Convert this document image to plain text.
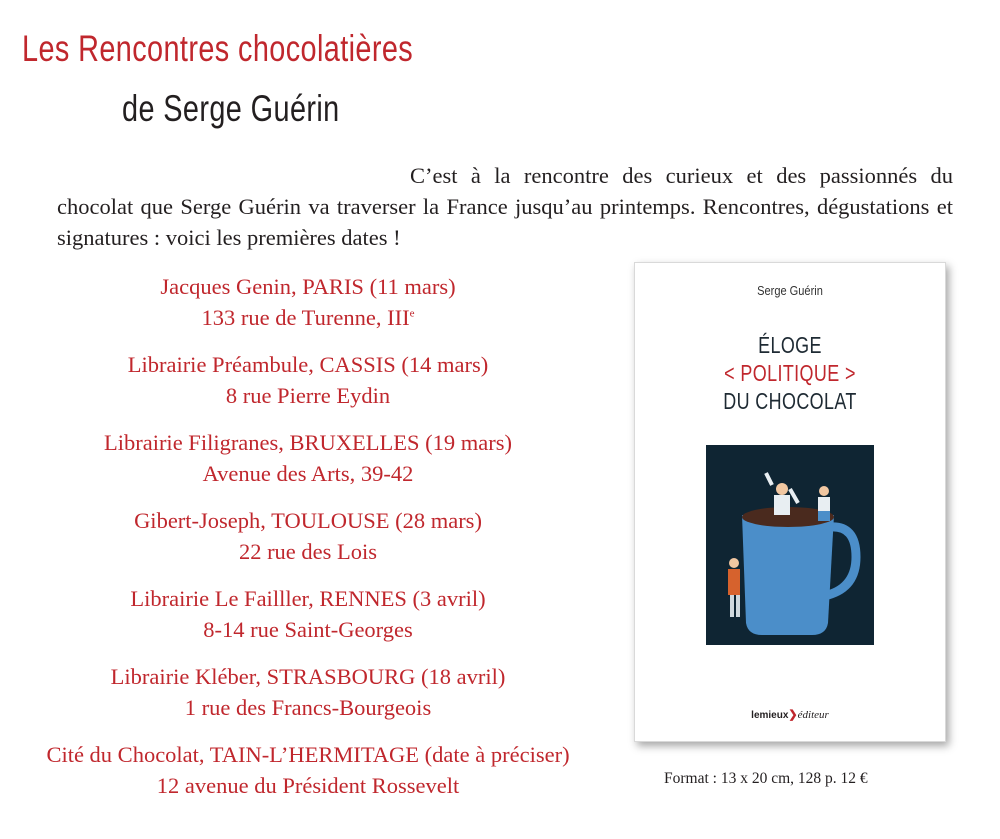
Les Rencontres chocolatières
de Serge Guérin
C’est à la rencontre des curieux et des passionnés du chocolat que Serge Guérin va traverser la France jusqu’au printemps. Rencontres, dégustations et signatures : voici les premières dates !
Jacques Genin, PARIS (11 mars)
133 rue de Turenne, IIIe
Librairie Préambule, CASSIS (14 mars)
8 rue Pierre Eydin
Librairie Filigranes, BRUXELLES (19 mars)
Avenue des Arts, 39-42
Gibert-Joseph, TOULOUSE (28 mars)
22 rue des Lois
Librairie Le Failller, RENNES (3 avril)
8-14 rue Saint-Georges
Librairie Kléber, STRASBOURG (18 avril)
1 rue des Francs-Bourgeois
Cité du Chocolat, TAIN-L’HERMITAGE (date à préciser)
12 avenue du Président Rossevelt
Serge Guérin
ÉLOGE
< POLITIQUE >
DU CHOCOLAT
lemieux❯éditeur
Format : 13 x 20 cm, 128 p. 12 €
